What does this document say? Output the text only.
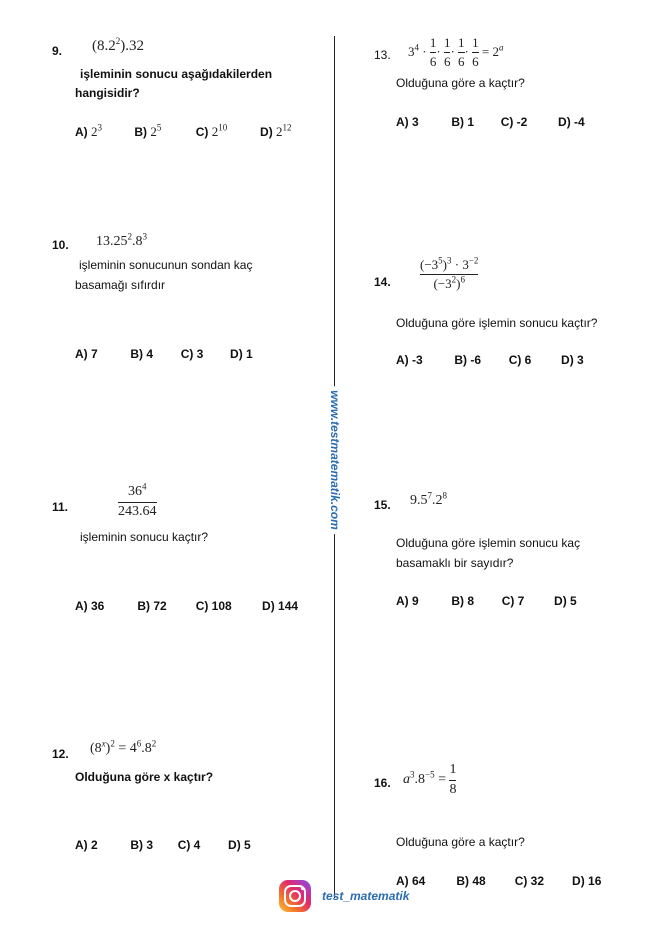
www.testmatematik.com
9. $(8.2^2).32$
işleminin sonucu aşağıdakilerden
hangisidir?
A) $2^3$	B) $2^5$	C) $2^{10}$	D) $2^{12}$
10. $13.25^2.8^3$
işleminin sonucunun sondan kaç
basamağı sıfırdır
A) 7	B) 4 C) 3 D) 1
11.	$\frac{36^4}{243.64}$
işleminin sonucu kaçtır?
A) 36	B) 72 C) 108	D) 144
12. $(8^x)^2 = 4^6.8^2$
Olduğuna göre x kaçtır?
A) 2	B) 3 C) 4 D) 5
13. $3^4 \cdot \frac{1}{6} \cdot \frac{1}{6} \cdot \frac{1}{6} \cdot \frac{1}{6} = 2^a$
Olduğuna göre a kaçtır?
A) 3	B) 1 C) -2	D) -4
14. $\frac{(-3^5)^3 \cdot 3^{-2}}{(-3^2)^6}$
Olduğuna göre işlemin sonucu kaçtır?
A) -3	B) -6 C) 6 D) 3
15. $9.5^7.2^8$
Olduğuna göre işlemin sonucu kaç
basamaklı bir sayıdır?
A) 9	B) 8 C) 7 D) 5
16. $a^3.8^{-5} = \frac{1}{8}$
Olduğuna göre a kaçtır?
A) 64	B) 48 C) 32 D) 16
test_matematik
